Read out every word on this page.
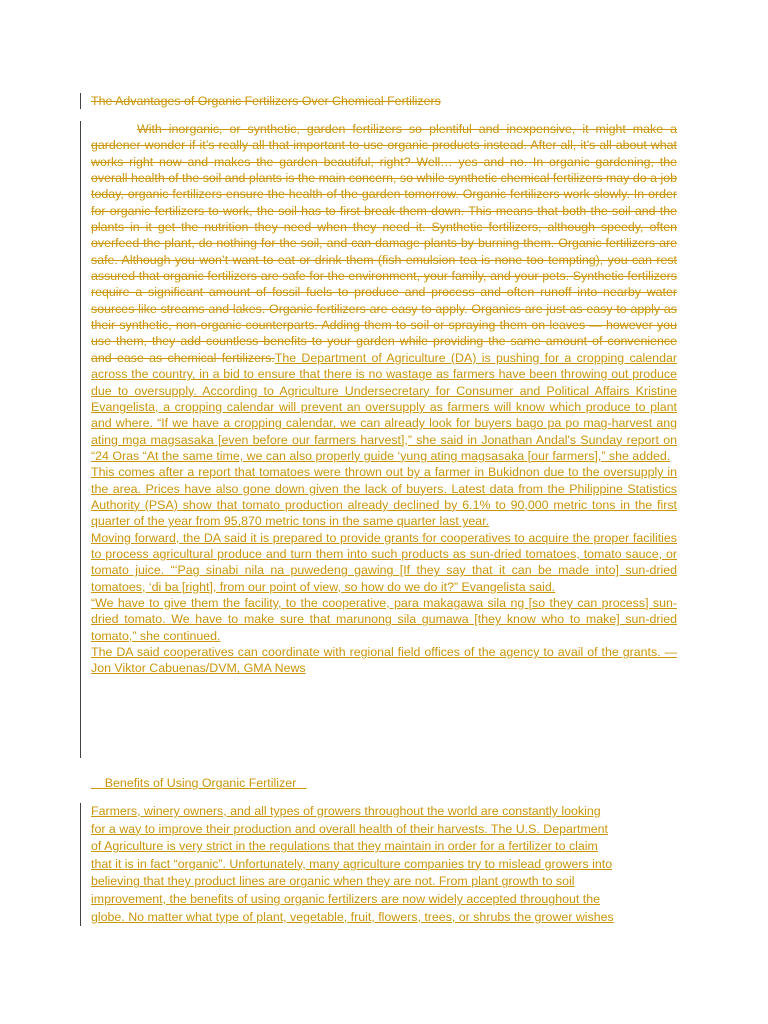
The Advantages of Organic Fertilizers Over Chemical Fertilizers

With inorganic, or synthetic, garden fertilizers so plentiful and inexpensive, it might make a gardener wonder if it’s really all that important to use organic products instead. After all, it’s all about what works right now and makes the garden beautiful, right? Well… yes and no. In organic gardening, the overall health of the soil and plants is the main concern, so while synthetic chemical fertilizers may do a job today, organic fertilizers ensure the health of the garden tomorrow. Organic fertilizers work slowly. In order for organic fertilizers to work, the soil has to first break them down. This means that both the soil and the plants in it get the nutrition they need when they need it. Synthetic fertilizers, although speedy, often overfeed the plant, do nothing for the soil, and can damage plants by burning them. Organic fertilizers are safe. Although you won’t want to eat or drink them (fish emulsion tea is none too tempting), you can rest assured that organic fertilizers are safe for the environment, your family, and your pets. Synthetic fertilizers require a significant amount of fossil fuels to produce and process and often runoff into nearby water sources like streams and lakes. Organic fertilizers are easy to apply. Organics are just as easy to apply as their synthetic, non-organic counterparts. Adding them to soil or spraying them on leaves — however you use them, they add countless benefits to your garden while providing the same amount of convenience and ease as chemical fertilizers.The Department of Agriculture (DA) is pushing for a cropping calendar across the country, in a bid to ensure that there is no wastage as farmers have been throwing out produce due to oversupply. According to Agriculture Undersecretary for Consumer and Political Affairs Kristine Evangelista, a cropping calendar will prevent an oversupply as farmers will know which produce to plant and where. “If we have a cropping calendar, we can already look for buyers bago pa po mag-harvest ang ating mga magsasaka [even before our farmers harvest],” she said in Jonathan Andal's Sunday report on “24 Oras “At the same time, we can also properly guide ‘yung ating magsasaka [our farmers],” she added.

This comes after a report that tomatoes were thrown out by a farmer in Bukidnon due to the oversupply in the area. Prices have also gone down given the lack of buyers. Latest data from the Philippine Statistics Authority (PSA) show that tomato production already declined by 6.1% to 90,000 metric tons in the first quarter of the year from 95,870 metric tons in the same quarter last year.

Moving forward, the DA said it is prepared to provide grants for cooperatives to acquire the proper facilities to process agricultural produce and turn them into such products as sun-dried tomatoes, tomato sauce, or tomato juice. “‘Pag sinabi nila na puwedeng gawing [If they say that it can be made into] sun-dried tomatoes, ‘di ba [right], from our point of view, so how do we do it?” Evangelista said.

“We have to give them the facility, to the cooperative, para makagawa sila ng [so they can process] sun-dried tomato. We have to make sure that marunong sila gumawa [they know who to make] sun-dried tomato,” she continued.

The DA said cooperatives can coordinate with regional field offices of the agency to avail of the grants. — Jon Viktor Cabuenas/DVM, GMA News

Benefits of Using Organic Fertilizer
Farmers, winery owners, and all types of growers throughout the world are constantly looking
for a way to improve their production and overall health of their harvests. The U.S. Department
of Agriculture is very strict in the regulations that they maintain in order for a fertilizer to claim
that it is in fact “organic”. Unfortunately, many agriculture companies try to mislead growers into
believing that they product lines are organic when they are not. From plant growth to soil
improvement, the benefits of using organic fertilizers are now widely accepted throughout the
globe. No matter what type of plant, vegetable, fruit, flowers, trees, or shrubs the grower wishes
